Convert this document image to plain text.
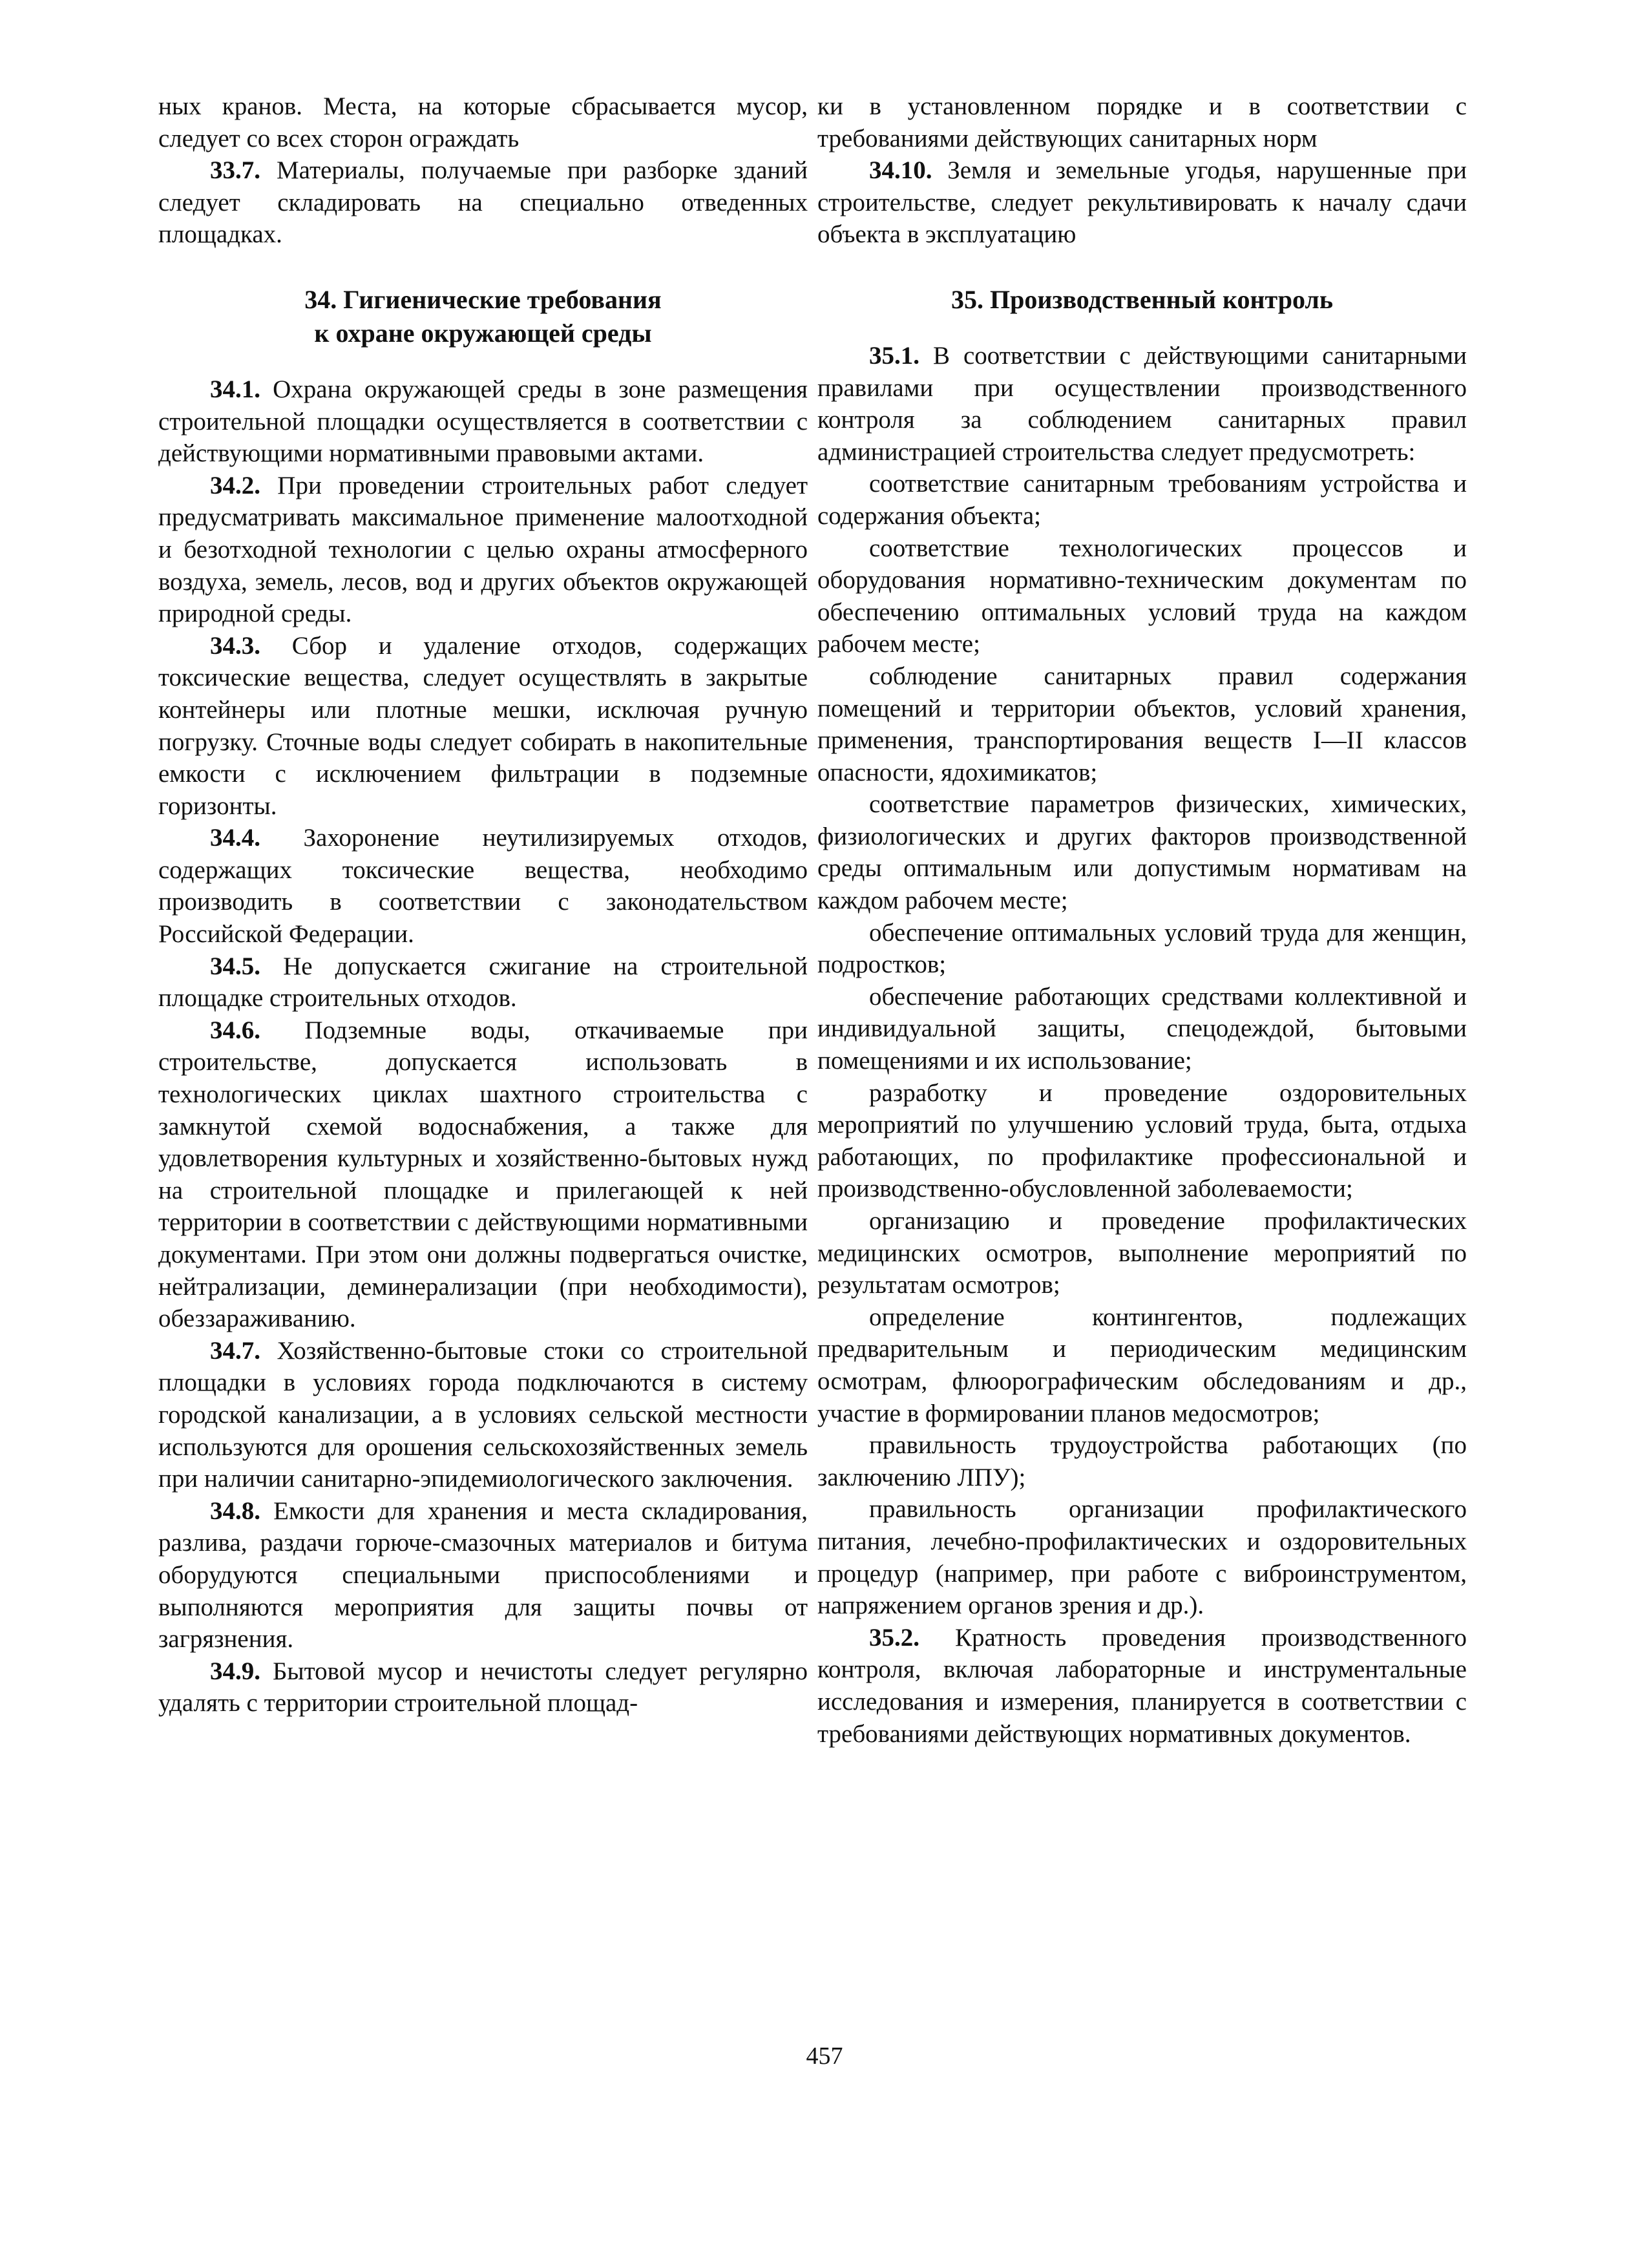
ных кранов. Места, на которые сбрасывается мусор, следует со всех сторон ограждать

33.7. Материалы, получаемые при разборке зданий следует складировать на специально отведенных площадках.

34. Гигиенические требования
к охране окружающей среды

34.1. Охрана окружающей среды в зоне размещения строительной площадки осуществляется в соответствии с действующими нормативными правовыми актами.

34.2. При проведении строительных работ следует предусматривать максимальное применение малоотходной и безотходной технологии с целью охраны атмосферного воздуха, земель, лесов, вод и других объектов окружающей природной среды.

34.3. Сбор и удаление отходов, содержащих токсические вещества, следует осуществлять в закрытые контейнеры или плотные мешки, исключая ручную погрузку. Сточные воды следует собирать в накопительные емкости с исключением фильтрации в подземные горизонты.

34.4. Захоронение неутилизируемых отходов, содержащих токсические вещества, необходимо производить в соответствии с законодательством Российской Федерации.

34.5. Не допускается сжигание на строительной площадке строительных отходов.

34.6. Подземные воды, откачиваемые при строительстве, допускается использовать в технологических циклах шахтного строительства с замкнутой схемой водоснабжения, а также для удовлетворения культурных и хозяйственно-бытовых нужд на строительной площадке и прилегающей к ней территории в соответствии с действующими нормативными документами. При этом они должны подвергаться очистке, нейтрализации, деминерализации (при необходимости), обеззараживанию.

34.7. Хозяйственно-бытовые стоки со строительной площадки в условиях города подключаются в систему городской канализации, а в условиях сельской местности используются для орошения сельскохозяйственных земель при наличии санитарно-эпидемиологического заключения.

34.8. Емкости для хранения и места складирования, разлива, раздачи горюче-смазочных материалов и битума оборудуются специальными приспособлениями и выполняются мероприятия для защиты почвы от загрязнения.

34.9. Бытовой мусор и нечистоты следует регулярно удалять с территории строительной площад-

ки в установленном порядке и в соответствии с требованиями действующих санитарных норм

34.10. Земля и земельные угодья, нарушенные при строительстве, следует рекультивировать к началу сдачи объекта в эксплуатацию

35. Производственный контроль

35.1. В соответствии с действующими санитарными правилами при осуществлении производственного контроля за соблюдением санитарных правил администрацией строительства следует предусмотреть:

соответствие санитарным требованиям устройства и содержания объекта;

соответствие технологических процессов и оборудования нормативно-техническим документам по обеспечению оптимальных условий труда на каждом рабочем месте;

соблюдение санитарных правил содержания помещений и территории объектов, условий хранения, применения, транспортирования веществ I—II классов опасности, ядохимикатов;

соответствие параметров физических, химических, физиологических и других факторов производственной среды оптимальным или допустимым нормативам на каждом рабочем месте;

обеспечение оптимальных условий труда для женщин, подростков;

обеспечение работающих средствами коллективной и индивидуальной защиты, спецодеждой, бытовыми помещениями и их использование;

разработку и проведение оздоровительных мероприятий по улучшению условий труда, быта, отдыха работающих, по профилактике профессиональной и производственно-обусловленной заболеваемости;

организацию и проведение профилактических медицинских осмотров, выполнение мероприятий по результатам осмотров;

определение контингентов, подлежащих предварительным и периодическим медицинским осмотрам, флюорографическим обследованиям и др., участие в формировании планов медосмотров;

правильность трудоустройства работающих (по заключению ЛПУ);

правильность организации профилактического питания, лечебно-профилактических и оздоровительных процедур (например, при работе с виброинструментом, напряжением органов зрения и др.).

35.2. Кратность проведения производственного контроля, включая лабораторные и инструментальные исследования и измерения, планируется в соответствии с требованиями действующих нормативных документов.

457
